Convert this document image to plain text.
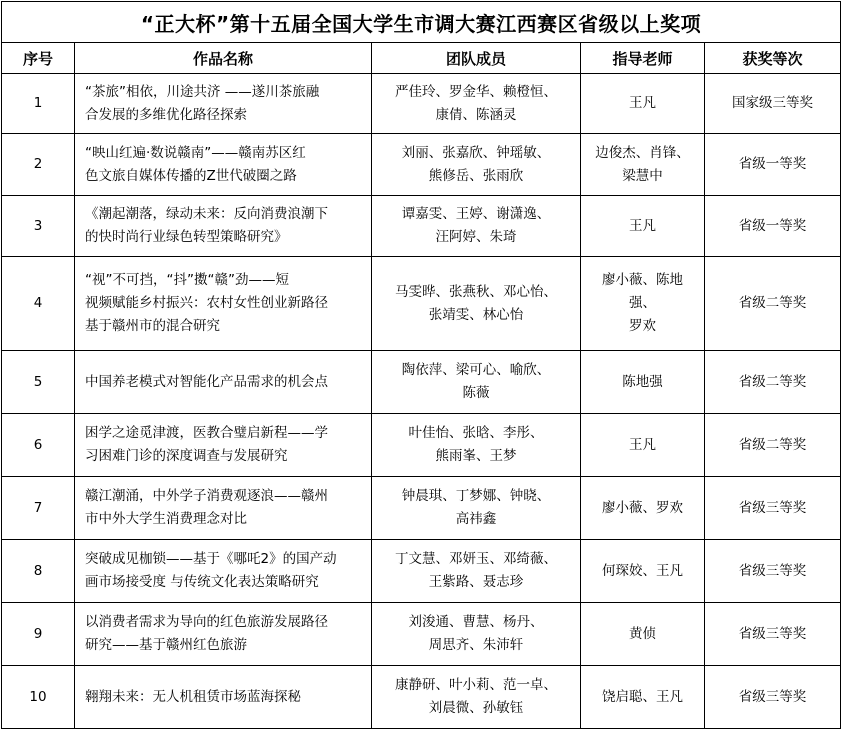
“正大杯”第十五届全国大学生市调大赛江西赛区省级以上奖项				
序号	作品名称	团队成员	指导老师	获奖等次

1	“茶旅”相依，川途共济 ——遂川茶旅融
合发展的多维优化路径探索	严佳玲、罗金华、赖橙恒、
康倩、陈涵灵	王凡	国家级三等奖

2	“映山红遍·数说赣南”——赣南苏区红
色文旅自媒体传播的Z世代破圈之路	刘丽、张嘉欣、钟瑶敏、
熊修岳、张雨欣	边俊杰、肖锋、
梁慧中	省级一等奖

3	《潮起潮落，绿动未来：反向消费浪潮下
的快时尚行业绿色转型策略研究》	谭嘉雯、王婷、谢潇逸、
汪阿婷、朱琦	王凡	省级一等奖

4	“视”不可挡，“抖”擞“赣”劲——短
视频赋能乡村振兴：农村女性创业新路径
基于赣州市的混合研究	马雯晔、张燕秋、邓心怡、
张靖雯、林心怡	廖小薇、陈地强、
罗欢	省级二等奖

5	中国养老模式对智能化产品需求的机会点	陶依萍、梁可心、喻欣、
陈薇	陈地强	省级二等奖

6	困学之途觅津渡，医教合璧启新程——学
习困难门诊的深度调查与发展研究	叶佳怡、张晗、李彤、
熊雨峯、王梦	王凡	省级二等奖

7	赣江潮涌，中外学子消费观逐浪——赣州
市中外大学生消费理念对比	钟晨琪、丁梦娜、钟晓、
高祎鑫	廖小薇、罗欢	省级三等奖

8	突破成见枷锁——基于《哪吒2》的国产动
画市场接受度 与传统文化表达策略研究	丁文慧、邓妍玉、邓绮薇、
王紫路、聂志珍	何琛姣、王凡	省级三等奖

9	以消费者需求为导向的红色旅游发展路径
研究——基于赣州红色旅游	刘浚通、曹慧、杨丹、
周思齐、朱沛轩	黄侦	省级三等奖

10	翱翔未来：无人机租赁市场蓝海探秘	康静研、叶小莉、范一卓、
刘晨微、孙敏钰	饶启聪、王凡	省级三等奖
